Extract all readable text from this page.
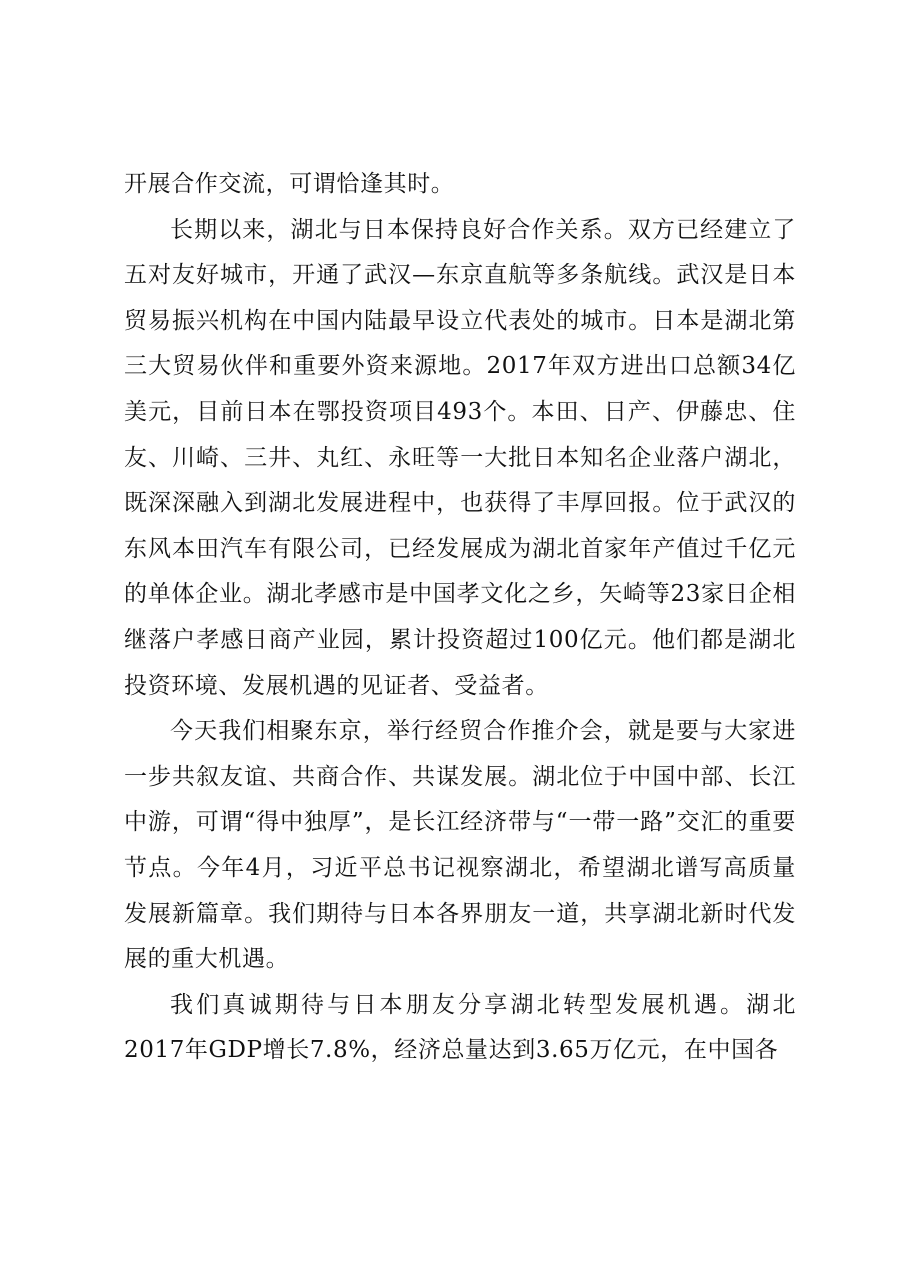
开展合作交流，可谓恰逢其时。

长期以来，湖北与日本保持良好合作关系。双方已经建立了五对友好城市，开通了武汉—东京直航等多条航线。武汉是日本贸易振兴机构在中国内陆最早设立代表处的城市。日本是湖北第三大贸易伙伴和重要外资来源地。2017年双方进出口总额34亿美元，目前日本在鄂投资项目493个。本田、日产、伊藤忠、住友、川崎、三井、丸红、永旺等一大批日本知名企业落户湖北，既深深融入到湖北发展进程中，也获得了丰厚回报。位于武汉的东风本田汽车有限公司，已经发展成为湖北首家年产值过千亿元的单体企业。湖北孝感市是中国孝文化之乡，矢崎等23家日企相继落户孝感日商产业园，累计投资超过100亿元。他们都是湖北投资环境、发展机遇的见证者、受益者。

今天我们相聚东京，举行经贸合作推介会，就是要与大家进一步共叙友谊、共商合作、共谋发展。湖北位于中国中部、长江中游，可谓“得中独厚”，是长江经济带与“一带一路”交汇的重要节点。今年4月，习近平总书记视察湖北，希望湖北谱写高质量发展新篇章。我们期待与日本各界朋友一道，共享湖北新时代发展的重大机遇。

我们真诚期待与日本朋友分享湖北转型发展机遇。湖北2017年GDP增长7.8%，经济总量达到3.65万亿元，在中国各
